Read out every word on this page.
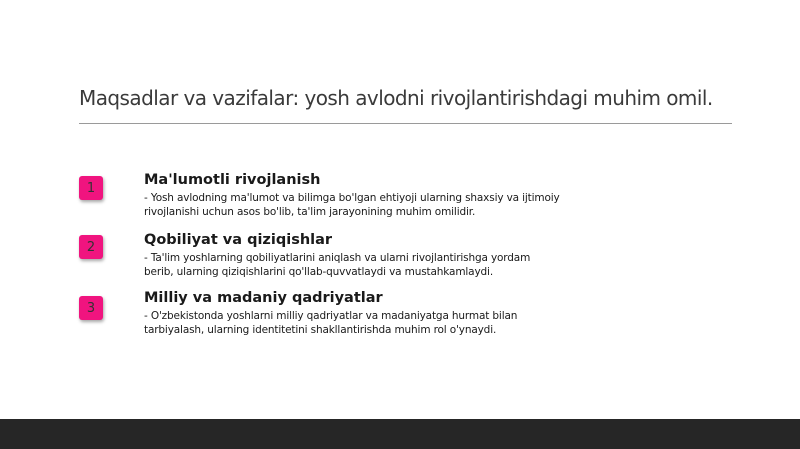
Maqsadlar va vazifalar: yosh avlodni rivojlantirishdagi muhim omil.
1	Ma'lumotli rivojlanish

- Yosh avlodning ma'lumot va bilimga bo'lgan ehtiyoji ularning shaxsiy va ijtimoiy rivojlanishi uchun asos bo'lib, ta'lim jarayonining muhim omilidir.

2	Qobiliyat va qiziqishlar

- Ta'lim yoshlarning qobiliyatlarini aniqlash va ularni rivojlantirishga yordam berib, ularning qiziqishlarini qo'llab-quvvatlaydi va mustahkamlaydi.

3
Milliy va madaniy qadriyatlar

- O'zbekistonda yoshlarni milliy qadriyatlar va madaniyatga hurmat bilan tarbiyalash, ularning identitetini shakllantirishda muhim rol o'ynaydi.
